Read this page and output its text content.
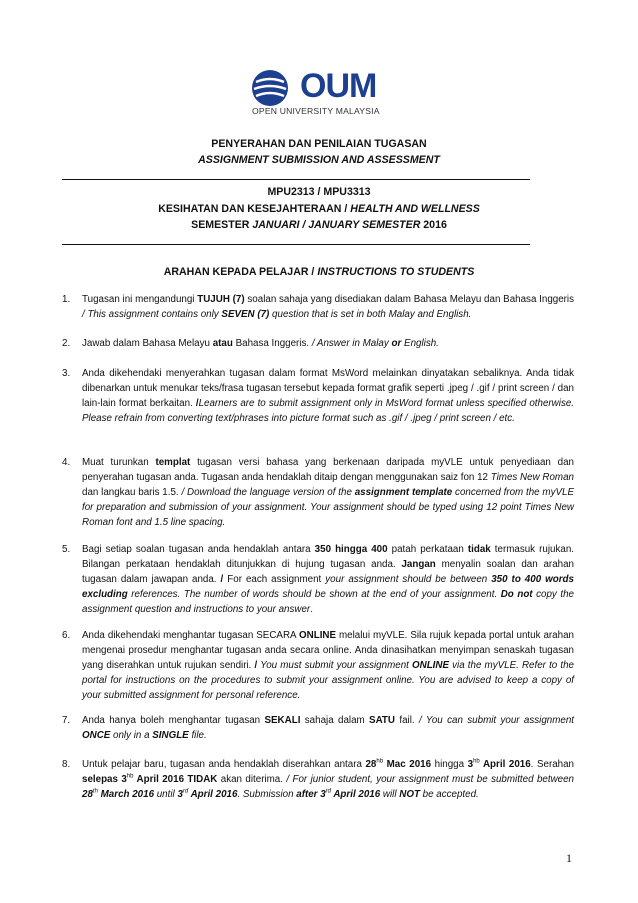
OUM
OPEN UNIVERSITY MALAYSIA
PENYERAHAN DAN PENILAIAN TUGASAN
ASSIGNMENT SUBMISSION AND ASSESSMENT
MPU2313 / MPU3313
KESIHATAN DAN KESEJAHTERAAN / HEALTH AND WELLNESS
SEMESTER JANUARI / JANUARY SEMESTER 2016
ARAHAN KEPADA PELAJAR / INSTRUCTIONS TO STUDENTS
1.	Tugasan ini mengandungi TUJUH (7) soalan sahaja yang disediakan dalam Bahasa Melayu dan Bahasa Inggeris / This assignment contains only SEVEN (7) question that is set in both Malay and English.
2.	Jawab dalam Bahasa Melayu atau Bahasa Inggeris. / Answer in Malay or English.
3.	Anda dikehendaki menyerahkan tugasan dalam format MsWord melainkan dinyatakan sebaliknya. Anda tidak dibenarkan untuk menukar teks/frasa tugasan tersebut kepada format grafik seperti .jpeg / .gif / print screen / dan lain-lain format berkaitan. /Learners are to submit assignment only in MsWord format unless specified otherwise. Please refrain from converting text/phrases into picture format such as .gif / .jpeg / print screen / etc.
4.	Muat turunkan templat tugasan versi bahasa yang berkenaan daripada myVLE untuk penyediaan dan penyerahan tugasan anda. Tugasan anda hendaklah ditaip dengan menggunakan saiz fon 12 Times New Roman dan langkau baris 1.5. / Download the language version of the assignment template concerned from the myVLE for preparation and submission of your assignment. Your assignment should be typed using 12 point Times New Roman font and 1.5 line spacing.
5.	Bagi setiap soalan tugasan anda hendaklah antara 350 hingga 400 patah perkataan tidak termasuk rujukan. Bilangan perkataan hendaklah ditunjukkan di hujung tugasan anda. Jangan menyalin soalan dan arahan tugasan dalam jawapan anda. / For each assignment your assignment should be between 350 to 400 words excluding references. The number of words should be shown at the end of your assignment. Do not copy the assignment question and instructions to your answer.
6.	Anda dikehendaki menghantar tugasan SECARA ONLINE melalui myVLE. Sila rujuk kepada portal untuk arahan mengenai prosedur menghantar tugasan anda secara online. Anda dinasihatkan menyimpan senaskah tugasan yang diserahkan untuk rujukan sendiri. / You must submit your assignment ONLINE via the myVLE. Refer to the portal for instructions on the procedures to submit your assignment online. You are advised to keep a copy of your submitted assignment for personal reference.
7.	Anda hanya boleh menghantar tugasan SEKALI sahaja dalam SATU fail. / You can submit your assignment ONCE only in a SINGLE file.
8.	Untuk pelajar baru, tugasan anda hendaklah diserahkan antara $28^{hb}$ Mac 2016 hingga $3^{hb}$ April 2016. Serahan selepas $3^{hb}$ April 2016 TIDAK akan diterima. / For junior student, your assignment must be submitted between 28th March 2016 until 3rd April 2016. Submission after 3rd April 2016 will NOT be accepted.
1
